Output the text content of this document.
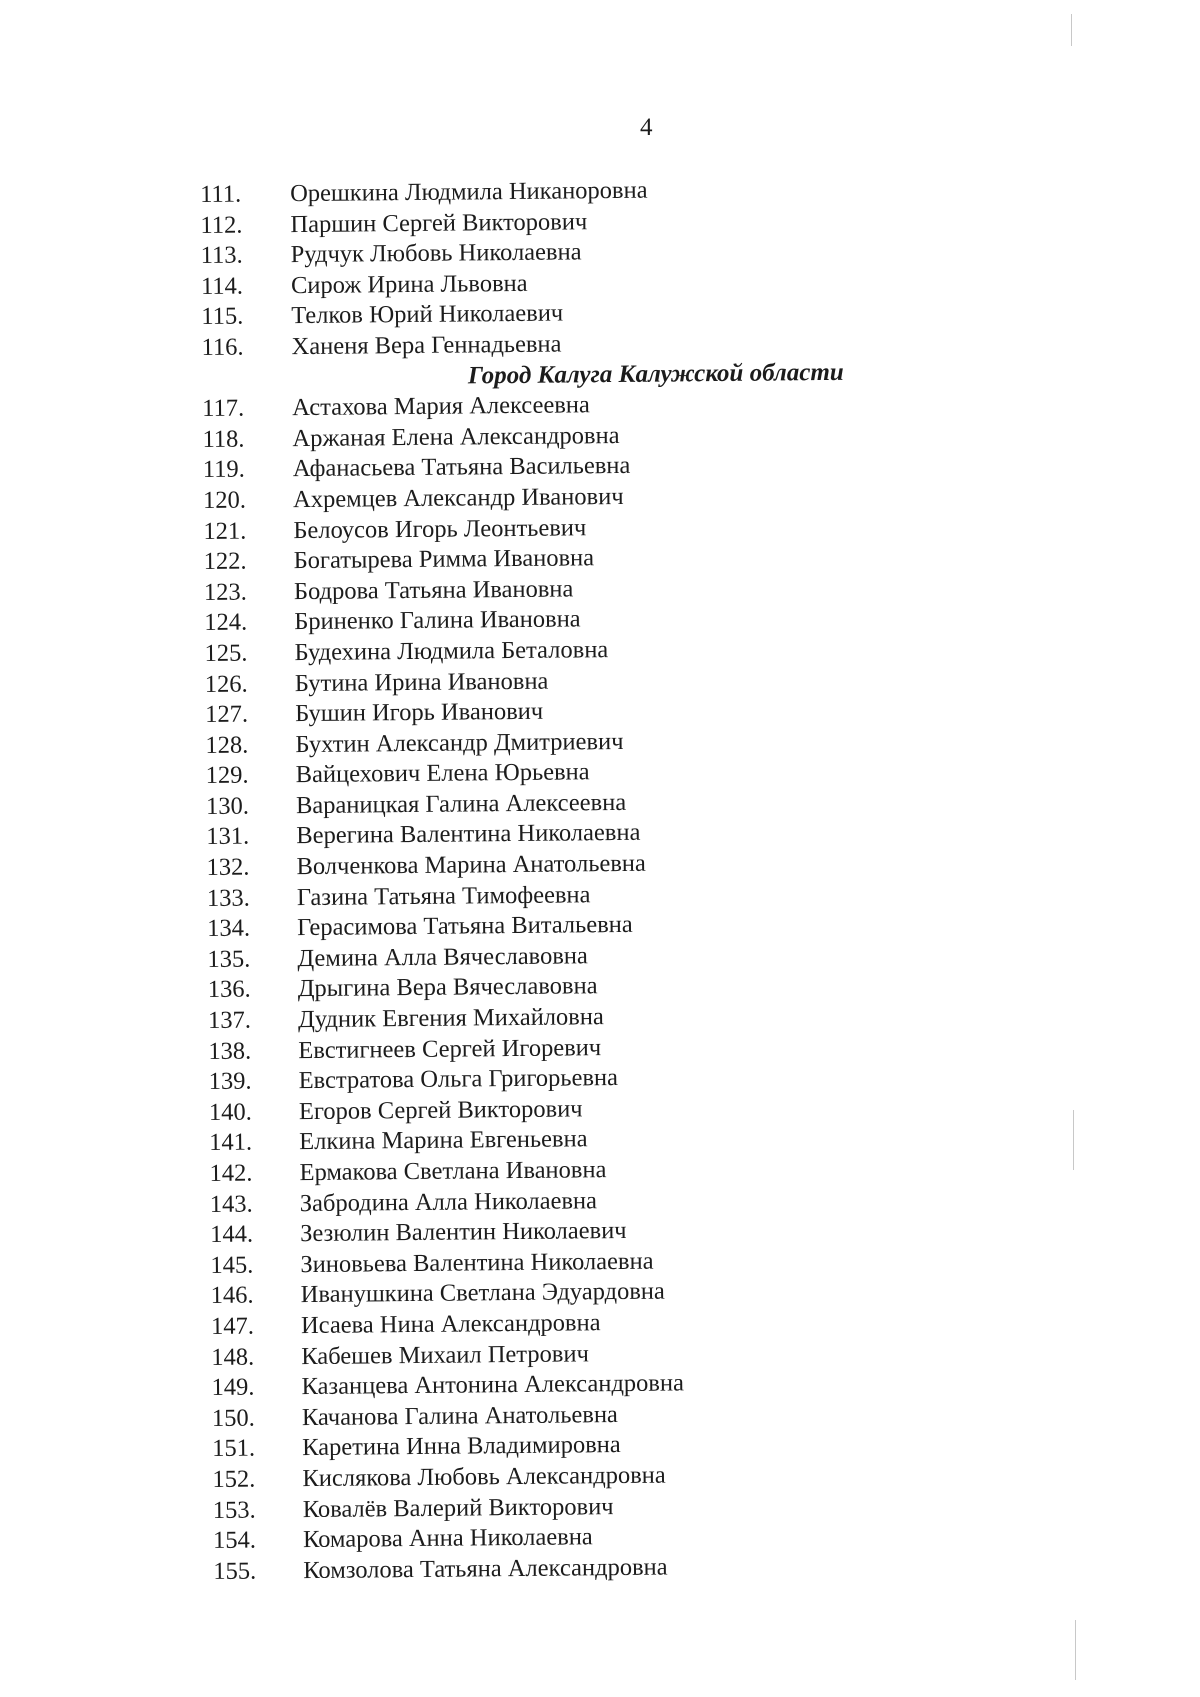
4
111. Орешкина Людмила Никаноровна
112. Паршин Сергей Викторович
113. Рудчук Любовь Николаевна
114. Сирож Ирина Львовна
115. Телков Юрий Николаевич
116. Ханеня Вера Геннадьевна
Город Калуга Калужской области
117. Астахова Мария Алексеевна
118. Аржаная Елена Александровна
119. Афанасьева Татьяна Васильевна
120. Ахремцев Александр Иванович
121. Белоусов Игорь Леонтьевич
122. Богатырева Римма Ивановна
123. Бодрова Татьяна Ивановна
124. Бриненко Галина Ивановна
125. Будехина Людмила Беталовна
126. Бутина Ирина Ивановна
127. Бушин Игорь Иванович
128. Бухтин Александр Дмитриевич
129. Вайцехович Елена Юрьевна
130. Вараницкая Галина Алексеевна
131. Верегина Валентина Николаевна
132. Волченкова Марина Анатольевна
133. Газина Татьяна Тимофеевна
134. Герасимова Татьяна Витальевна
135. Демина Алла Вячеславовна
136. Дрыгина Вера Вячеславовна
137. Дудник Евгения Михайловна
138. Евстигнеев Сергей Игоревич
139. Евстратова Ольга Григорьевна
140. Егоров Сергей Викторович
141. Елкина Марина Евгеньевна
142. Ермакова Светлана Ивановна
143. Забродина Алла Николаевна
144. Зезюлин Валентин Николаевич
145. Зиновьева Валентина Николаевна
146. Иванушкина Светлана Эдуардовна
147. Исаева Нина Александровна
148. Кабешев Михаил Петрович
149. Казанцева Антонина Александровна
150. Качанова Галина Анатольевна
151. Каретина Инна Владимировна
152. Кислякова Любовь Александровна
153. Ковалёв Валерий Викторович
154. Комарова Анна Николаевна
155. Комзолова Татьяна Александровна
